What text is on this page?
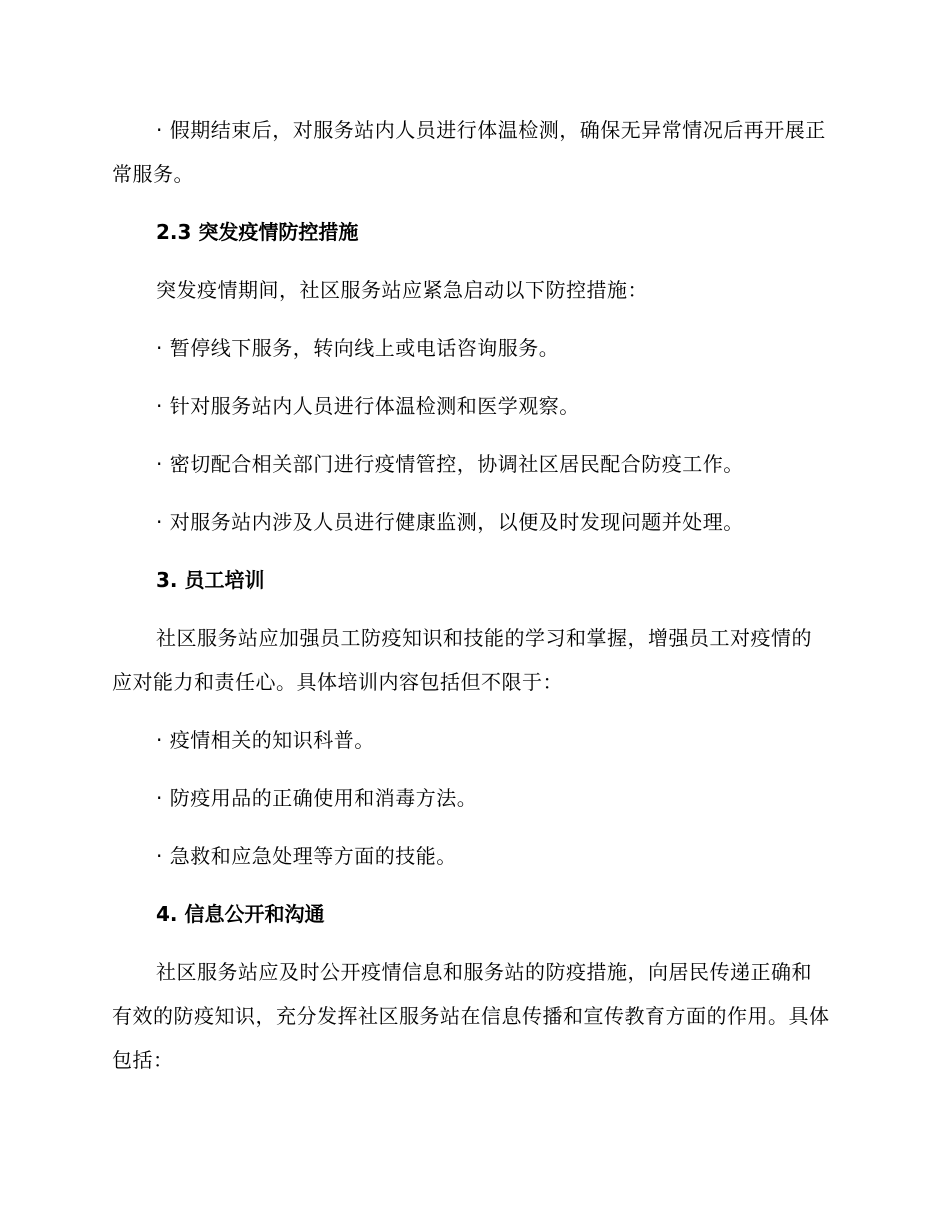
· 假期结束后，对服务站内人员进行体温检测，确保无异常情况后再开展正常服务。

2.3 突发疫情防控措施

突发疫情期间，社区服务站应紧急启动以下防控措施：

· 暂停线下服务，转向线上或电话咨询服务。

· 针对服务站内人员进行体温检测和医学观察。

· 密切配合相关部门进行疫情管控，协调社区居民配合防疫工作。

· 对服务站内涉及人员进行健康监测，以便及时发现问题并处理。

3. 员工培训

社区服务站应加强员工防疫知识和技能的学习和掌握，增强员工对疫情的应对能力和责任心。具体培训内容包括但不限于：

· 疫情相关的知识科普。

· 防疫用品的正确使用和消毒方法。

· 急救和应急处理等方面的技能。

4. 信息公开和沟通

社区服务站应及时公开疫情信息和服务站的防疫措施，向居民传递正确和有效的防疫知识，充分发挥社区服务站在信息传播和宣传教育方面的作用。具体包括：
